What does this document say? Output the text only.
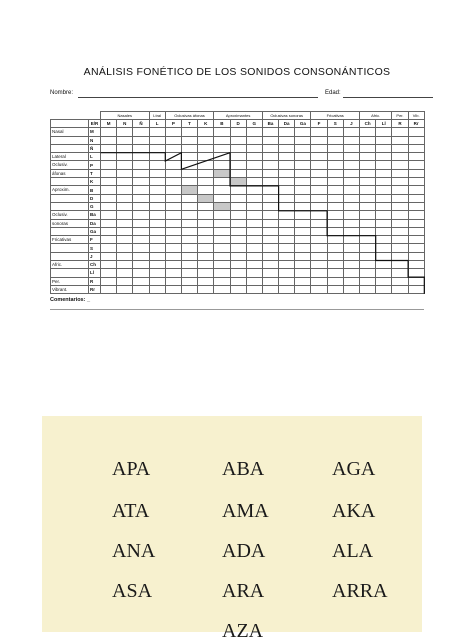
ANÁLISIS FONÉTICO DE LOS SONIDOS CONSONÁNTICOS
Nombre:	Edad:
		Nasales			Ltral	Oclusivas áfonas			Aproximantes			Oclusivas sonoras			Fricativas			Afric.		Per.	Vib.
	E/R	M	N	Ñ	L	P	T	K	B	D	G	Ba	Da	Ga	F	S	J	Ch	Ll	R	Rr
Nasal	M																				
	N																				
	Ñ																				
Lateral	L																				
Oclusiv.	P																				
áfonas	T																				
	K																				
Aproxim.	B																				
	D																				
	G																				
Oclusiv.	Ba																				
sonoras	Da																				
	Ga																				
Fricativas	F																				
	S																				
	J																				
Afric.	Ch																				
	Ll																				
Per.	R																				
Vibrant.	Rr																				
Comentarios: _
APA	ABA	AGA
ATA	AMA	AKA
ANA	ADA	ALA
ASA	ARA	ARRA
AZA
